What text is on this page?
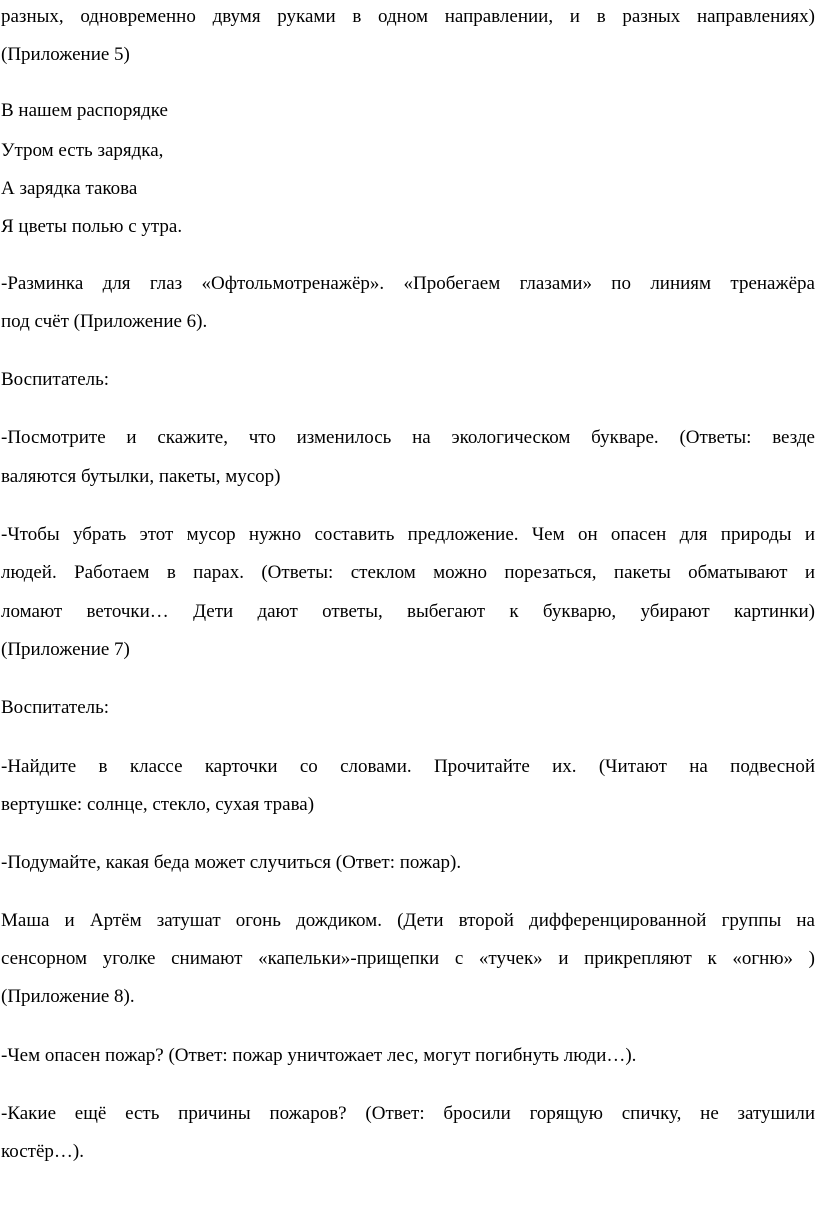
разных, одновременно двумя руками в одном направлении, и в разных направлениях)
(Приложение 5)
В нашем распорядке
Утром есть зарядка,
А зарядка такова
Я цветы полью с утра.
-Разминка для глаз «Офтольмотренажёр». «Пробегаем глазами» по линиям тренажёра
под счёт (Приложение 6).
Воспитатель:
-Посмотрите и скажите, что изменилось на экологическом букваре. (Ответы: везде
валяются бутылки, пакеты, мусор)
-Чтобы убрать этот мусор нужно составить предложение. Чем он опасен для природы и
людей. Работаем в парах. (Ответы: стеклом можно порезаться, пакеты обматывают и
ломают веточки… Дети дают ответы, выбегают к букварю, убирают картинки)
(Приложение 7)
Воспитатель:
-Найдите в классе карточки со словами. Прочитайте их. (Читают на подвесной
вертушке: солнце, стекло, сухая трава)
-Подумайте, какая беда может случиться (Ответ: пожар).
Маша и Артём затушат огонь дождиком. (Дети второй дифференцированной группы на
сенсорном уголке снимают «капельки»-прищепки с «тучек» и прикрепляют к «огню» )
(Приложение 8).
-Чем опасен пожар? (Ответ: пожар уничтожает лес, могут погибнуть люди…).
-Какие ещё есть причины пожаров? (Ответ: бросили горящую спичку, не затушили
костёр…).
